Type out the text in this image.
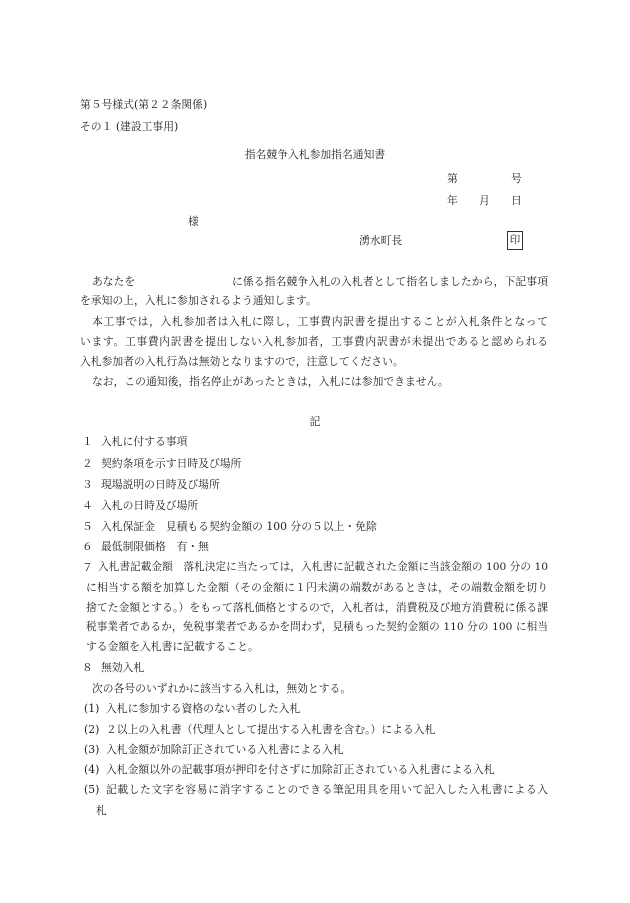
第５号様式(第２２条関係)
その１ (建設工事用)
指名競争入札参加指名通知書
第	号
年 月 日
様
湧水町長	印
あなたを	に係る指名競争入札の入札者として指名しましたから，下記事項
を承知の上，入札に参加されるよう通知します。
本工事では，入札参加者は入札に際し，工事費内訳書を提出することが入札条件となって
います。工事費内訳書を提出しない入札参加者，工事費内訳書が未提出であると認められる
入札参加者の入札行為は無効となりますので，注意してください。
なお，この通知後，指名停止があったときは，入札には参加できません。
記
１ 入札に付する事項
２ 契約条項を示す日時及び場所
３ 現場説明の日時及び場所
４ 入札の日時及び場所
５ 入札保証金　見積もる契約金額の 100 分の５以上・免除
６ 最低制限価格　有・無
７ 入札書記載金額　落札決定に当たっては，入札書に記載された金額に当該金額の 100 分の 10
に相当する額を加算した金額（その金額に１円未満の端数があるときは，その端数金額を切り
捨てた金額とする。）をもって落札価格とするので，入札者は，消費税及び地方消費税に係る課
税事業者であるか，免税事業者であるかを問わず，見積もった契約金額の 110 分の 100 に相当
する金額を入札書に記載すること。
８ 無効入札
次の各号のいずれかに該当する入札は，無効とする。
(1) 入札に参加する資格のない者のした入札
(2) ２以上の入札書（代理人として提出する入札書を含む。）による入札
(3) 入札金額が加除訂正されている入札書による入札
(4) 入札金額以外の記載事項が押印を付さずに加除訂正されている入札書による入札
(5) 記載した文字を容易に消字することのできる筆記用具を用いて記入した入札書による入
札
